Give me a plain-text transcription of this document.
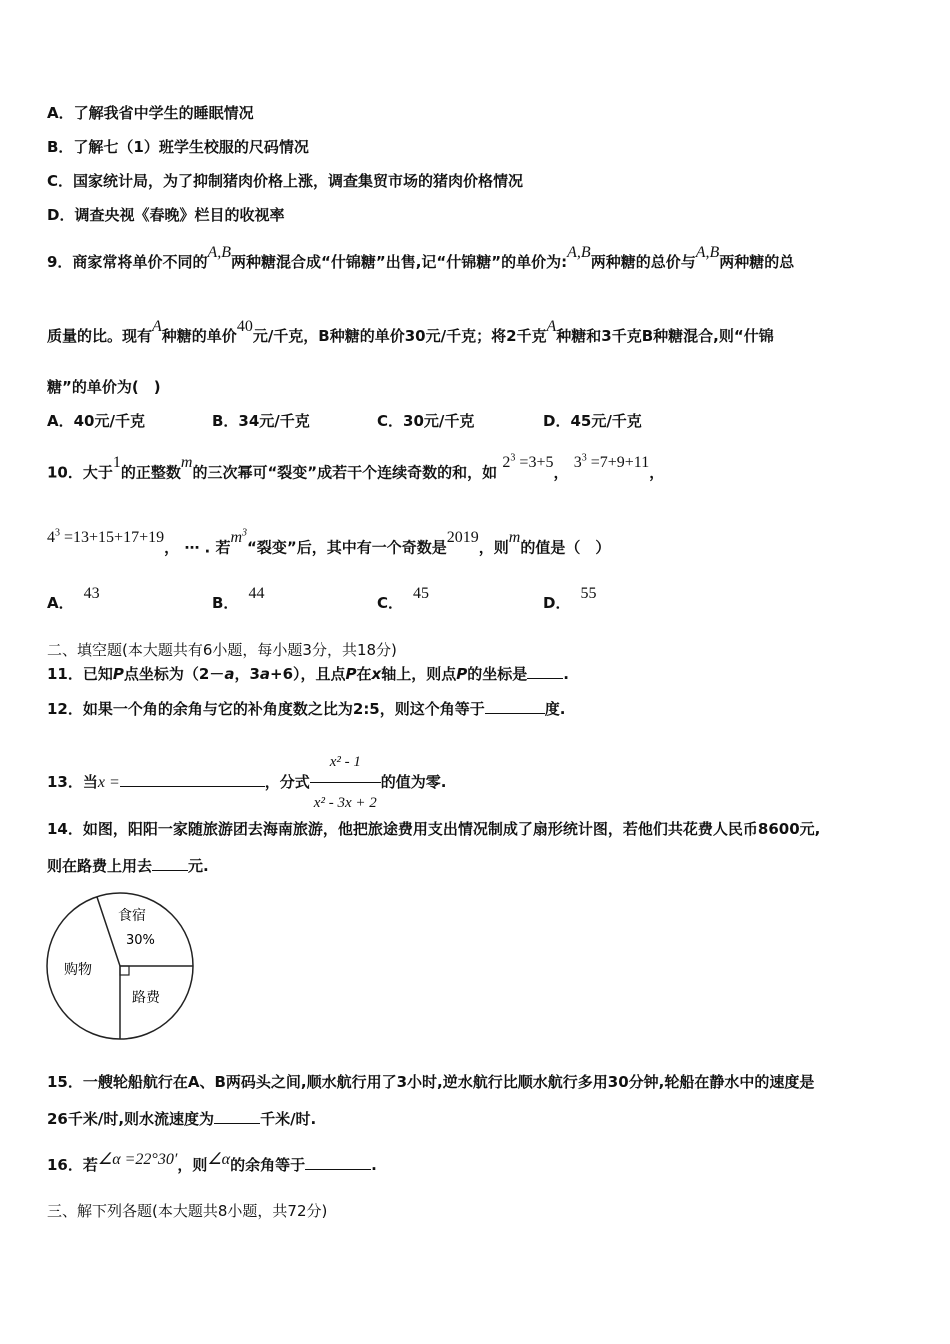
A．了解我省中学生的睡眠情况
B．了解七（1）班学生校服的尺码情况
C．国家统计局，为了抑制猪肉价格上涨，调查集贸市场的猪肉价格情况
D．调查央视《春晚》栏目的收视率
9．商家常将单价不同的A,B两种糖混合成“什锦糖”出售,记“什锦糖”的单价为:A,B两种糖的总价与A,B两种糖的总
质量的比。现有A种糖的单价40元/千克，B种糖的单价30元/千克；将2千克A种糖和3千克B种糖混合,则“什锦
糖”的单价为(　)
A．40元/千克	B．34元/千克	C．30元/千克	D．45元/千克
10．大于1的正整数m的三次幂可“裂变”成若干个连续奇数的和，如 $2^3 =3+5$， $3^3 =7+9+11$，
$4^3 =13+15+17+19$， ⋯ . 若$m^3“$裂变”后，其中有一个奇数是2019，则m的值是（　）
A．43
B．44
C．45
D．55
二、填空题(本大题共有6小题，每小题3分，共18分)
11．已知P点坐标为（2－a，3a+6），且点P在x轴上，则点P的坐标是 .
12．如果一个角的余角与它的补角度数之比为2:5，则这个角等于	度.
13．当x =	，分式 $\frac{\text{x² - 1}}{\text{x² - 3x + 2}}$ 的值为零.
14．如图，阳阳一家随旅游团去海南旅游，他把旅途费用支出情况制成了扇形统计图，若他们共花费人民币8600元,
则在路费上用去 元.
食宿
30%
购物
路费
15．一艘轮船航行在A、B两码头之间,顺水航行用了3小时,逆水航行比顺水航行多用30分钟,轮船在静水中的速度是
26千米/时,则水流速度为	千米/时.
16．若∠α =22°30′，则∠α的余角等于	.
三、解下列各题(本大题共8小题，共72分)
